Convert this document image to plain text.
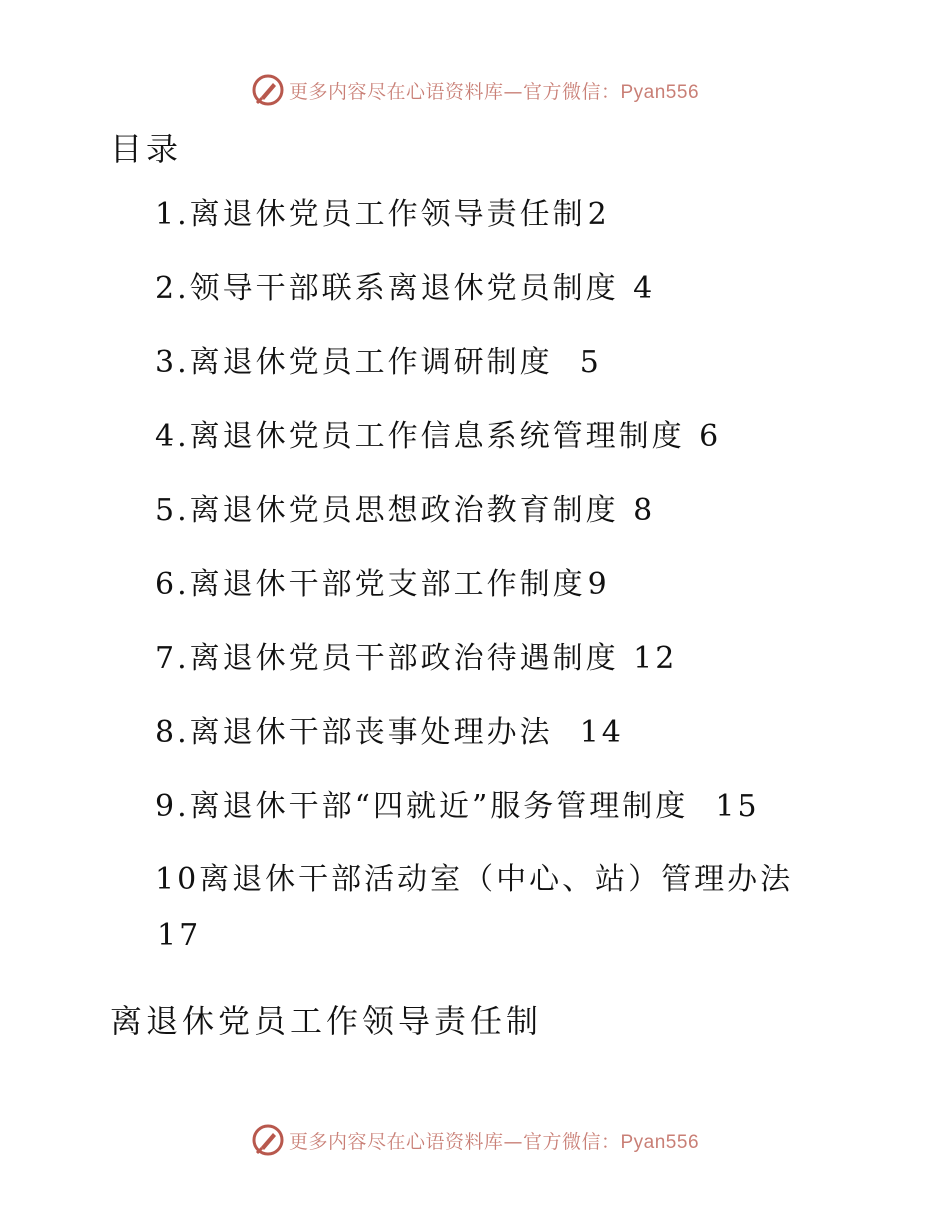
更多内容尽在心语资料库—官方微信：Pyan556
目录
1.离退休党员工作领导责任制2
2.领导干部联系离退休党员制度 4
3.离退休党员工作调研制度  5
4.离退休党员工作信息系统管理制度 6
5.离退休党员思想政治教育制度 8
6.离退休干部党支部工作制度9
7.离退休党员干部政治待遇制度 12
8.离退休干部丧事处理办法  14
9.离退休干部“四就近”服务管理制度  15
10离退休干部活动室（中心、站）管理办法17
离退休党员工作领导责任制
更多内容尽在心语资料库—官方微信：Pyan556
